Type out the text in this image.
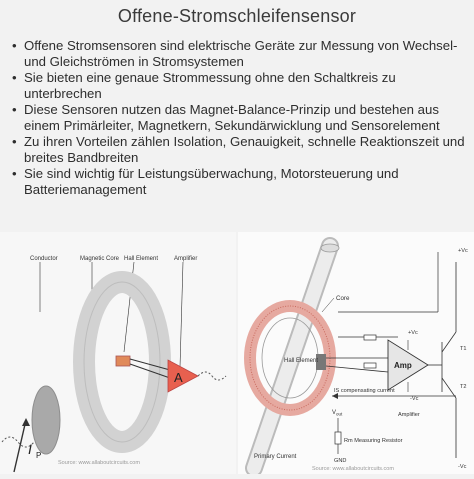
Offene-Stromschleifensensor
• Offene Stromsensoren sind elektrische Geräte zur Messung von Wechsel- und Gleichströmen in Stromsystemen
• Sie bieten eine genaue Strommessung ohne den Schaltkreis zu unterbrechen
• Diese Sensoren nutzen das Magnet-Balance-Prinzip und bestehen aus einem Primärleiter, Magnetkern, Sekundärwicklung und Sensorelement
• Zu ihren Vorteilen zählen Isolation, Genauigkeit, schnelle Reaktionszeit und breites Bandbreiten
• Sie sind wichtig für Leistungsüberwachung, Motorsteuerung und Batteriemanagement
Conductor	Magnetic Core Hall Element	Amplifier
I P
A
Source: www.allaboutcircuits.com
Core
Hall Element	Amp
+Vc
-Vc
Amplifier
+Vc
T1
T2
-Vc
IS compensating current
$V_{out}$
Rm Measuring Resistor
GND
Primary Current
Source: www.allaboutcircuits.com
